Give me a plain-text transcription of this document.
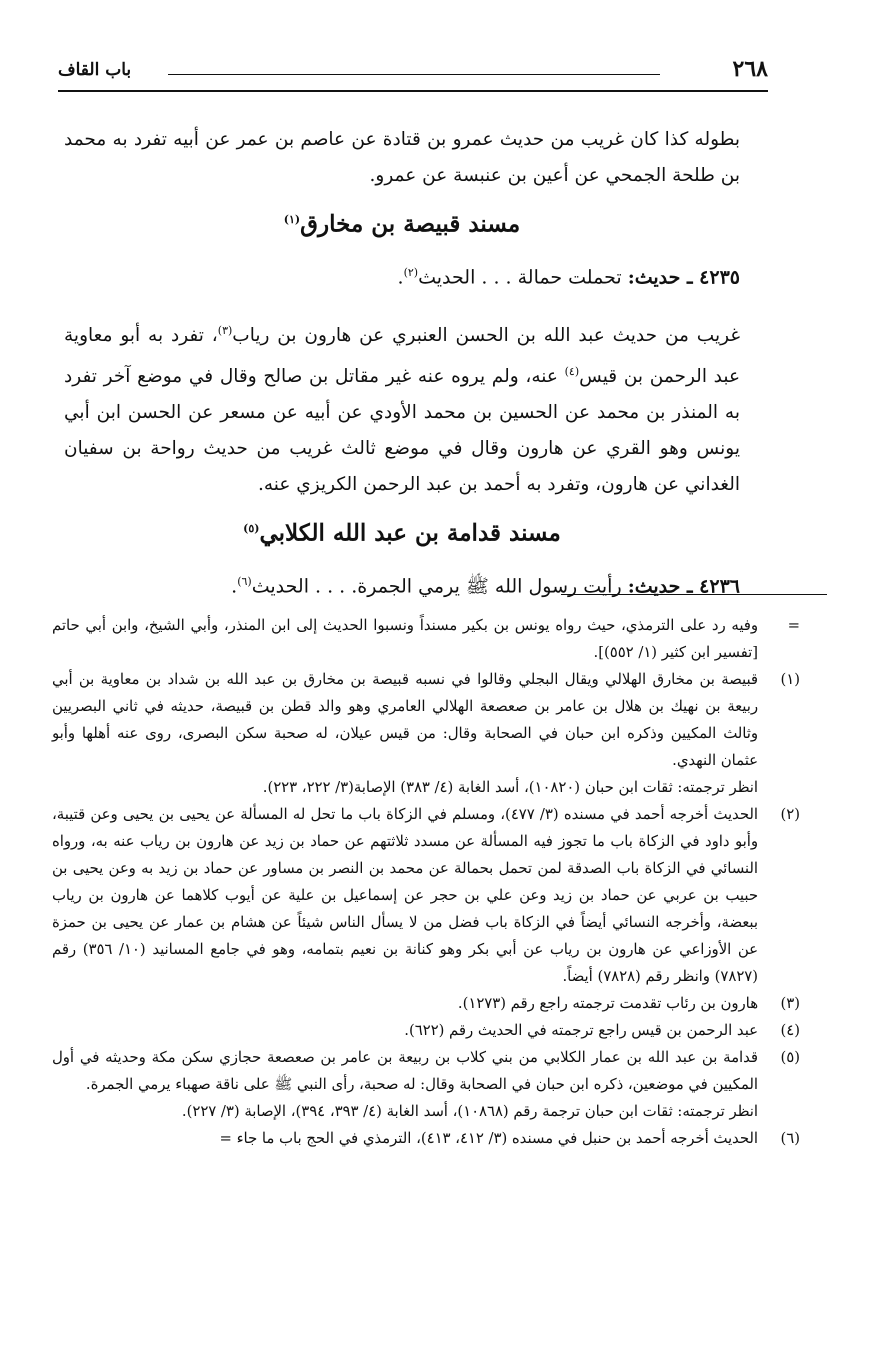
٢٦٨
باب القاف

بطوله كذا كان غريب من حديث عمرو بن قتادة عن عاصم بن عمر عن أبيه تفرد به محمد بن طلحة الجمحي عن أعين بن عنبسة عن عمرو.

مسند قبيصة بن مخارق$^{(١)}$

٤٢٣٥ ـ حديث: تحملت حمالة . . . الحديث$^{(٢)}$.

غريب من حديث عبد الله بن الحسن العنبري عن هارون بن رياب$^{(٣)}$، تفرد به أبو معاوية عبد الرحمن بن قيس$^{(٤)}$ عنه، ولم يروه عنه غير مقاتل بن صالح وقال في موضع آخر تفرد به المنذر بن محمد عن الحسين بن محمد الأودي عن أبيه عن مسعر عن الحسن ابن أبي يونس وهو القري عن هارون وقال في موضع ثالث غريب من حديث رواحة بن سفيان الغداني عن هارون، وتفرد به أحمد بن عبد الرحمن الكريزي عنه.

مسند قدامة بن عبد الله الكلابي$^{(٥)}$

٤٢٣٦ ـ حديث: رأيت رسول الله ﷺ يرمي الجمرة. . . . الحديث$^{(٦)}$.

=

وفيه رد على الترمذي، حيث رواه يونس بن بكير مسنداً ونسبوا الحديث إلى ابن المنذر، وأبي الشيخ، وابن أبي حاتم [تفسير ابن كثير (١/ ٥٥٢)].

(١)

قبيصة بن مخارق الهلالي ويقال البجلي وقالوا في نسبه قبيصة بن مخارق بن عبد الله بن شداد بن معاوية بن أبي ربيعة بن نهيك بن هلال بن عامر بن صعصعة الهلالي العامري وهو والد قطن بن قبيصة، حديثه في ثاني البصريين وثالث المكيين وذكره ابن حبان في الصحابة وقال: من قيس عيلان، له صحبة سكن البصرى، روى عنه أهلها وأبو عثمان النهدي.

انظر ترجمته: ثقات ابن حبان (١٠٨٢٠)، أسد الغابة (٤/ ٣٨٣) الإصابة(٣/ ٢٢٢، ٢٢٣).

(٢)

الحديث أخرجه أحمد في مسنده (٣/ ٤٧٧)، ومسلم في الزكاة باب ما تحل له المسألة عن يحيى بن يحيى وعن قتيبة، وأبو داود في الزكاة باب ما تجوز فيه المسألة عن مسدد ثلاثتهم عن حماد بن زيد عن هارون بن رياب عنه به، ورواه النسائي في الزكاة باب الصدقة لمن تحمل بحمالة عن محمد بن النصر بن مساور عن حماد بن زيد به وعن يحيى بن حبيب بن عربي عن حماد بن زيد وعن علي بن حجر عن إسماعيل بن علية عن أيوب كلاهما عن هارون بن رياب ببعضة، وأخرجه النسائي أيضاً في الزكاة باب فضل من لا يسأل الناس شيئاً عن هشام بن عمار عن يحيى بن حمزة عن الأوزاعي عن هارون بن رياب عن أبي بكر وهو كنانة بن نعيم بتمامه، وهو في جامع المسانيد (١٠/ ٣٥٦) رقم (٧٨٢٧) وانظر رقم (٧٨٢٨) أيضاً.

(٣)

هارون بن رئاب تقدمت ترجمته راجع رقم (١٢٧٣).

(٤)

عبد الرحمن بن قيس راجع ترجمته في الحديث رقم (٦٢٢).

(٥)

قدامة بن عبد الله بن عمار الكلابي من بني كلاب بن ربيعة بن عامر بن صعصعة حجازي سكن مكة وحديثه في أول المكيين في موضعين، ذكره ابن حبان في الصحابة وقال: له صحبة، رأى النبي ﷺ على ناقة صهباء يرمي الجمرة.

انظر ترجمته: ثقات ابن حبان ترجمة رقم (١٠٨٦٨)، أسد الغابة (٤/ ٣٩٣، ٣٩٤)، الإصابة (٣/ ٢٢٧).

(٦)

الحديث أخرجه أحمد بن حنبل في مسنده (٣/ ٤١٢، ٤١٣)، الترمذي في الحج باب ما جاء =
